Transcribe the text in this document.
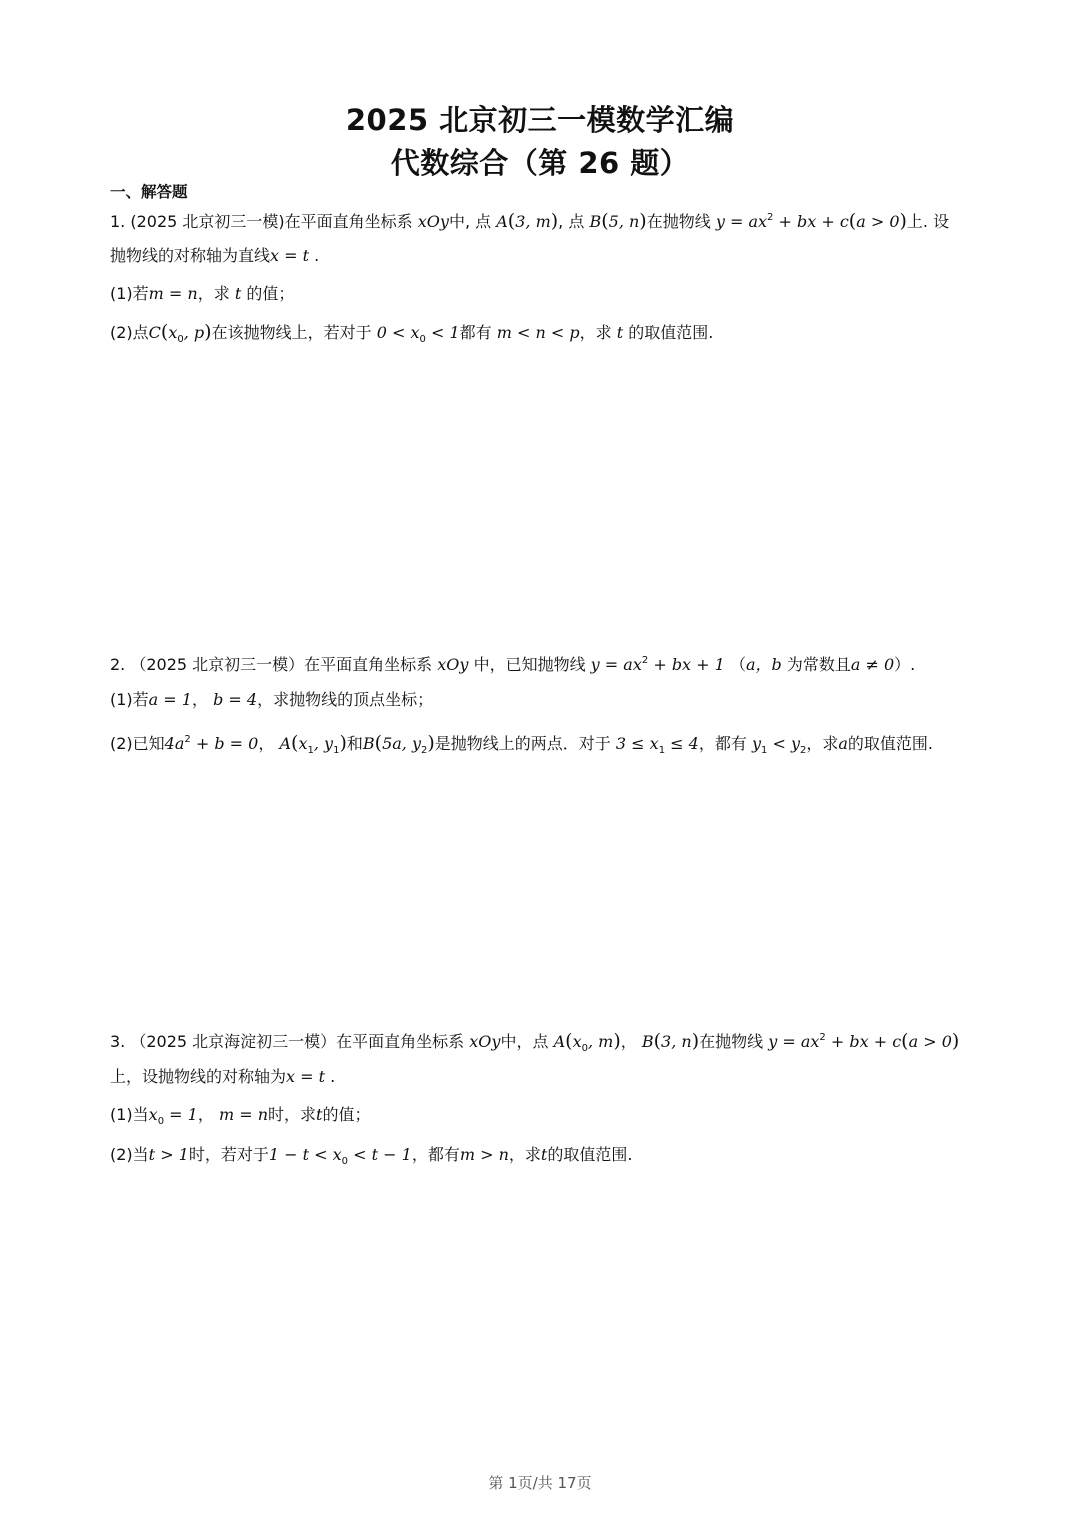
2025 北京初三一模数学汇编
代数综合（第 26 题）
一、解答题
1. (2025 北京初三一模)在平面直角坐标系 xOy中, 点 A(3, m), 点 B(5, n)在抛物线 $y = ax^2$ + bx + c(a > 0)上. 设
抛物线的对称轴为直线x = t .
(1)若m = n，求 t 的值；
(2)点$C(x_0$, p)在该抛物线上，若对于 $0 < x_0 < 1$都有 m < n < p，求 t 的取值范围.
2. （2025 北京初三一模）在平面直角坐标系 xOy 中，已知抛物线 $y = ax^2$ + bx + 1 （a，b 为常数且a ≠ 0）.
(1)若a = 1， b = 4，求抛物线的顶点坐标；
(2)已知$4a^2 + b = 0$， $A(x_1$, $y_1$)和B(5a, $y_2$)是抛物线上的两点．对于 $3 \le x_1 \le 4$，都有 $y_1 < y_2$，求a的取值范围.
3. （2025 北京海淀初三一模）在平面直角坐标系 xOy中，点 $A(x_0$, m)， B(3, n)在抛物线 $y = ax^2$ + bx + c(a > 0)
上，设抛物线的对称轴为x = t .
(1)当$x_0 = 1$， m = n时，求t的值；
(2)当t > 1时，若对于$1 - t < x_0 < t - 1$，都有m > n，求t的取值范围.
第 1页/共 17页
